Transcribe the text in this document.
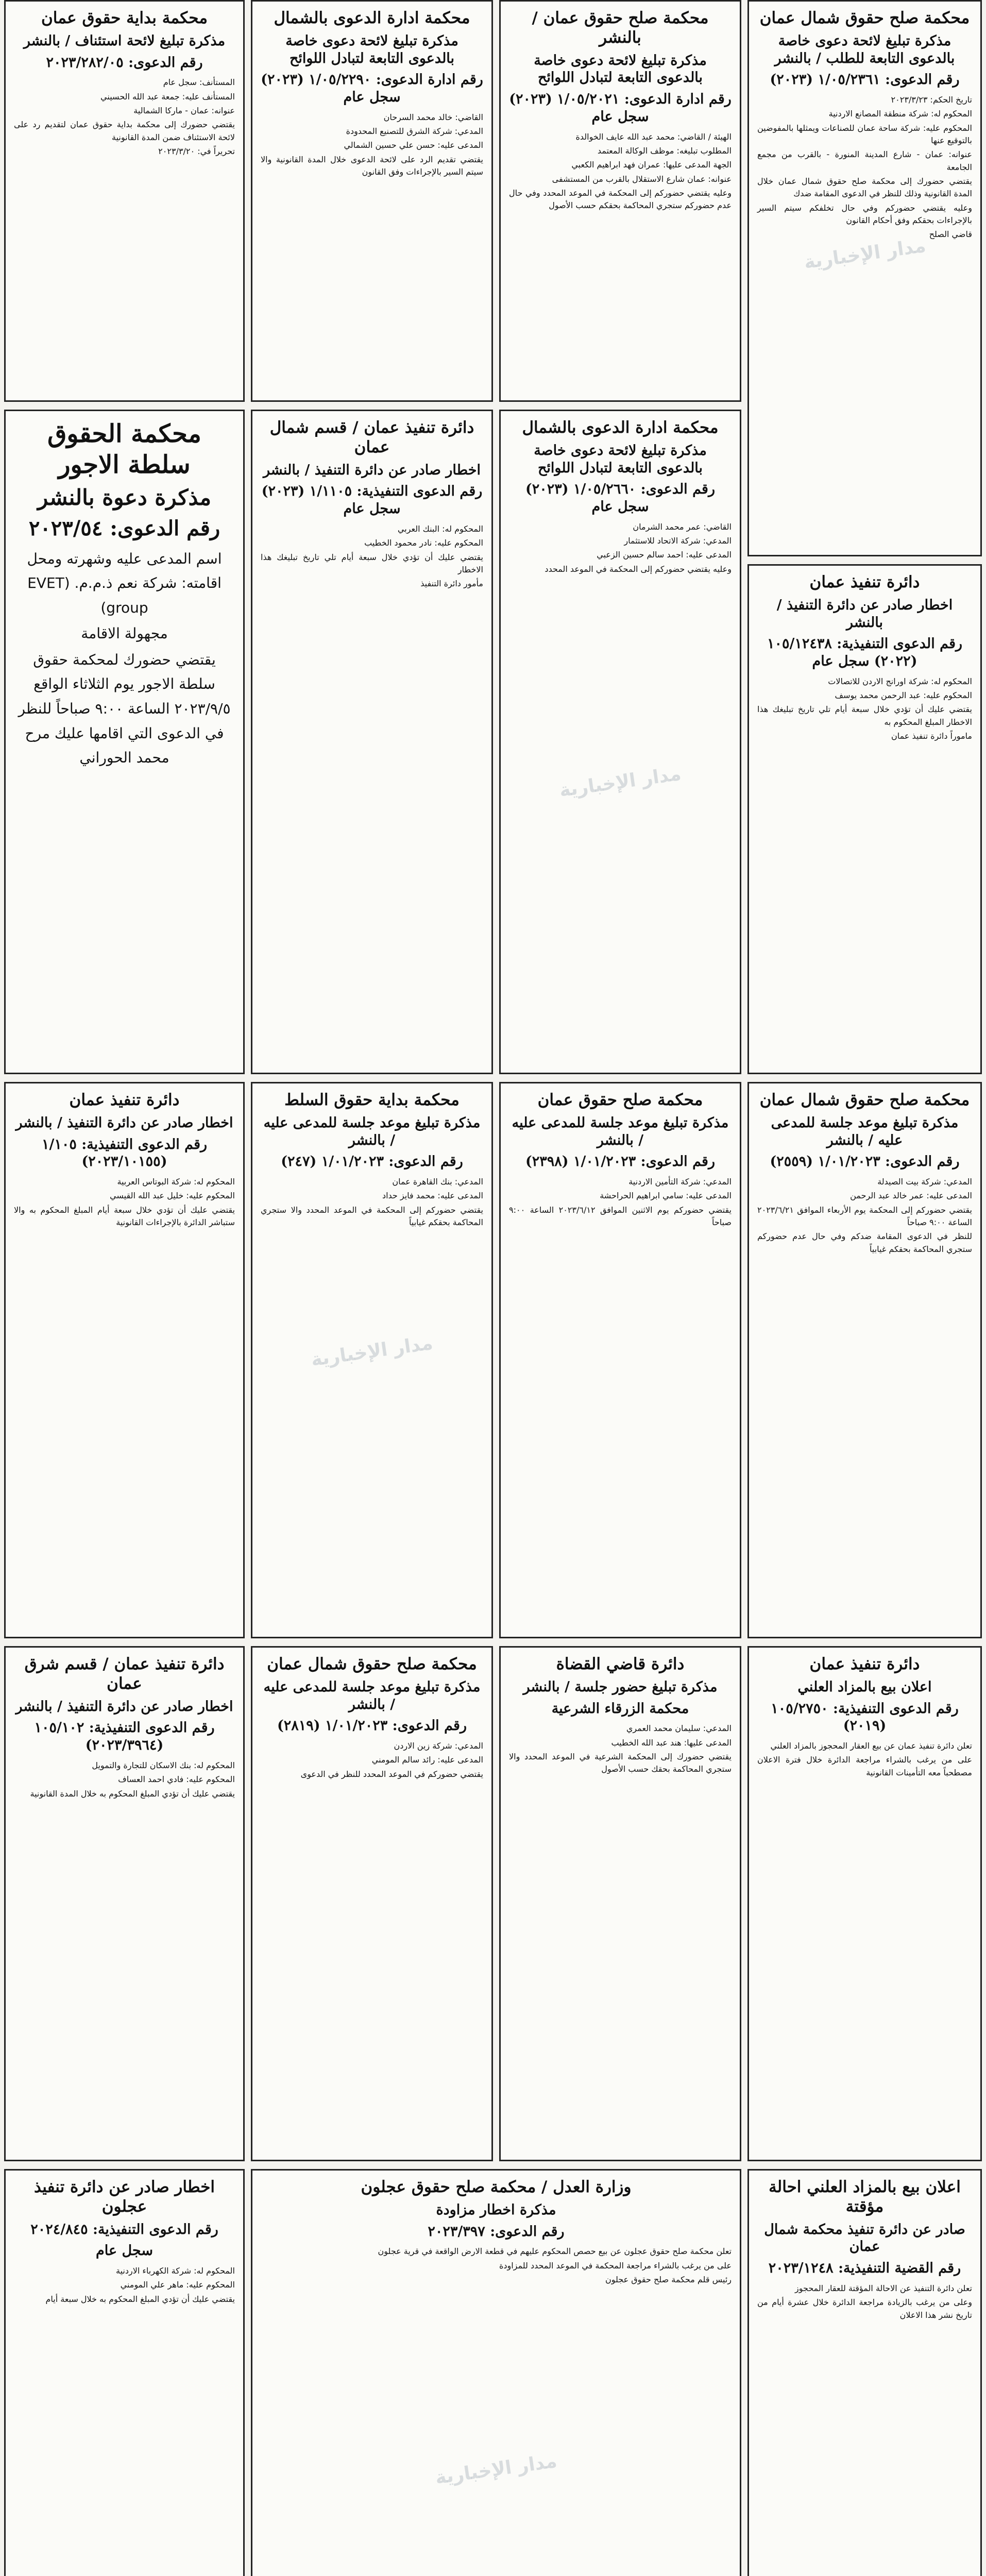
محكمة صلح حقوق شمال عمان
مذكرة تبليغ لائحة دعوى خاصة بالدعوى التابعة للطلب / بالنشر
رقم الدعوى: ١/٠٥/٢٣٦١ (٢٠٢٣)

تاريخ الحكم: ٢٠٢٣/٣/٢٣

المحكوم له: شركة منطقة المصانع الاردنية

المحكوم عليه: شركة ساحة عمان للصناعات ويمثلها بالمفوضين بالتوقيع عنها

عنوانه: عمان - شارع المدينة المنورة - بالقرب من مجمع الجامعة

يقتضي حضورك إلى محكمة صلح حقوق شمال عمان خلال المدة القانونية وذلك للنظر في الدعوى المقامة ضدك

وعليه يقتضي حضوركم وفي حال تخلفكم سيتم السير بالإجراءات بحقكم وفق أحكام القانون

قاضي الصلح

مدار الإخبارية
محكمة صلح حقوق عمان / بالنشر
مذكرة تبليغ لائحة دعوى خاصة بالدعوى التابعة لتبادل اللوائح
رقم ادارة الدعوى: ١/٠٥/٢٠٢١ (٢٠٢٣) سجل عام

الهيئة / القاضي: محمد عبد الله عايف الخوالدة

المطلوب تبليغه: موظف الوكالة المعتمد

الجهة المدعى عليها: عمران فهد ابراهيم الكعبي

عنوانه: عمان شارع الاستقلال بالقرب من المستشفى

وعليه يقتضي حضوركم إلى المحكمة في الموعد المحدد وفي حال عدم حضوركم ستجري المحاكمة بحقكم حسب الأصول

محكمة ادارة الدعوى بالشمال
مذكرة تبليغ لائحة دعوى خاصة بالدعوى التابعة لتبادل اللوائح
رقم ادارة الدعوى: ١/٠٥/٢٢٩٠ (٢٠٢٣) سجل عام

القاضي: خالد محمد السرحان

المدعي: شركة الشرق للتصنيع المحدودة

المدعى عليه: حسن علي حسين الشمالي

يقتضي تقديم الرد على لائحة الدعوى خلال المدة القانونية والا سيتم السير بالإجراءات وفق القانون

محكمة بداية حقوق عمان
مذكرة تبليغ لائحة استئناف / بالنشر
رقم الدعوى: ٢٠٢٣/٢٨٢/٠٥

المستأنف: سجل عام

المستأنف عليه: جمعة عبد الله الحسيني

عنوانه: عمان - ماركا الشمالية

يقتضي حضورك إلى محكمة بداية حقوق عمان لتقديم رد على لائحة الاستئناف ضمن المدة القانونية

تحريراً في: ٢٠٢٣/٣/٢٠

دائرة تنفيذ عمان
اخطار صادر عن دائرة التنفيذ / بالنشر
رقم الدعوى التنفيذية: ١٠٥/١٢٤٣٨ (٢٠٢٢) سجل عام

المحكوم له: شركة اورانج الاردن للاتصالات

المحكوم عليه: عبد الرحمن محمد يوسف

يقتضي عليك أن تؤدي خلال سبعة أيام تلي تاريخ تبليغك هذا الاخطار المبلغ المحكوم به

ماموراً دائرة تنفيذ عمان

محكمة ادارة الدعوى بالشمال
مذكرة تبليغ لائحة دعوى خاصة بالدعوى التابعة لتبادل اللوائح
رقم الدعوى: ١/٠٥/٢٦٦٠ (٢٠٢٣) سجل عام

القاضي: عمر محمد الشرمان

المدعي: شركة الاتحاد للاستثمار

المدعى عليه: احمد سالم حسين الزعبي

وعليه يقتضي حضوركم إلى المحكمة في الموعد المحدد

مدار الإخبارية
دائرة تنفيذ عمان / قسم شمال عمان
اخطار صادر عن دائرة التنفيذ / بالنشر
رقم الدعوى التنفيذية: ١/١١٠٥ (٢٠٢٣) سجل عام

المحكوم له: البنك العربي

المحكوم عليه: نادر محمود الخطيب

يقتضي عليك أن تؤدي خلال سبعة أيام تلي تاريخ تبليغك هذا الاخطار

مأمور دائرة التنفيذ

محكمة الحقوق سلطة الاجور
مذكرة دعوة بالنشر
رقم الدعوى: ٢٠٢٣/٥٤

اسم المدعى عليه وشهرته ومحل اقامته: شركة نعم ذ.م.م. (EVET group)

مجهولة الاقامة

يقتضي حضورك لمحكمة حقوق سلطة الاجور يوم الثلاثاء الواقع ٢٠٢٣/٩/٥ الساعة ٩:٠٠ صباحاً للنظر في الدعوى التي اقامها عليك مرح محمد الحوراني

محكمة صلح حقوق شمال عمان
مذكرة تبليغ موعد جلسة للمدعى عليه / بالنشر
رقم الدعوى: ١/٠١/٢٠٢٣ (٢٥٥٩)

المدعي: شركة بيت الصيدلة

المدعى عليه: عمر خالد عبد الرحمن

يقتضي حضوركم إلى المحكمة يوم الأربعاء الموافق ٢٠٢٣/٦/٢١ الساعة ٩:٠٠ صباحاً

للنظر في الدعوى المقامة ضدكم وفي حال عدم حضوركم ستجري المحاكمة بحقكم غيابياً

محكمة صلح حقوق عمان
مذكرة تبليغ موعد جلسة للمدعى عليه / بالنشر
رقم الدعوى: ١/٠١/٢٠٢٣ (٢٣٩٨)

المدعي: شركة التأمين الاردنية

المدعى عليه: سامي ابراهيم الحراحشة

يقتضي حضوركم يوم الاثنين الموافق ٢٠٢٣/٦/١٢ الساعة ٩:٠٠ صباحاً

محكمة بداية حقوق السلط
مذكرة تبليغ موعد جلسة للمدعى عليه / بالنشر
رقم الدعوى: ١/٠١/٢٠٢٣ (٢٤٧)

المدعي: بنك القاهرة عمان

المدعى عليه: محمد فايز حداد

يقتضي حضوركم إلى المحكمة في الموعد المحدد والا ستجري المحاكمة بحقكم غيابياً

مدار الإخبارية
دائرة تنفيذ عمان
اخطار صادر عن دائرة التنفيذ / بالنشر
رقم الدعوى التنفيذية: ١/١٠٥ (٢٠٢٣/١٠١٥٥)

المحكوم له: شركة البوتاس العربية

المحكوم عليه: خليل عبد الله القيسي

يقتضي عليك أن تؤدي خلال سبعة أيام المبلغ المحكوم به والا ستباشر الدائرة بالإجراءات القانونية

دائرة تنفيذ عمان
اعلان بيع بالمزاد العلني
رقم الدعوى التنفيذية: ١٠٥/٢٧٥٠ (٢٠١٩)

تعلن دائرة تنفيذ عمان عن بيع العقار المحجوز بالمزاد العلني

على من يرغب بالشراء مراجعة الدائرة خلال فترة الاعلان مصطحباً معه التأمينات القانونية

دائرة قاضي القضاة
مذكرة تبليغ حضور جلسة / بالنشر
محكمة الزرقاء الشرعية

المدعي: سليمان محمد العمري

المدعى عليها: هند عبد الله الخطيب

يقتضي حضورك إلى المحكمة الشرعية في الموعد المحدد والا ستجري المحاكمة بحقك حسب الأصول

محكمة صلح حقوق شمال عمان
مذكرة تبليغ موعد جلسة للمدعى عليه / بالنشر
رقم الدعوى: ١/٠١/٢٠٢٣ (٢٨١٩)

المدعي: شركة زين الاردن

المدعى عليه: رائد سالم المومني

يقتضي حضوركم في الموعد المحدد للنظر في الدعوى

دائرة تنفيذ عمان / قسم شرق عمان
اخطار صادر عن دائرة التنفيذ / بالنشر
رقم الدعوى التنفيذية: ١٠٥/١٠٢ (٢٠٢٣/٣٩٦٤)

المحكوم له: بنك الاسكان للتجارة والتمويل

المحكوم عليه: فادي احمد العساف

يقتضي عليك أن تؤدي المبلغ المحكوم به خلال المدة القانونية

اعلان بيع بالمزاد العلني احالة مؤقتة
صادر عن دائرة تنفيذ محكمة شمال عمان
رقم القضية التنفيذية: ٢٠٢٣/١٢٤٨

تعلن دائرة التنفيذ عن الاحالة المؤقتة للعقار المحجوز

وعلى من يرغب بالزيادة مراجعة الدائرة خلال عشرة أيام من تاريخ نشر هذا الاعلان

وزارة العدل / محكمة صلح حقوق عجلون
مذكرة اخطار مزاودة
رقم الدعوى: ٢٠٢٣/٣٩٧

تعلن محكمة صلح حقوق عجلون عن بيع حصص المحكوم عليهم في قطعة الارض الواقعة في قرية عجلون

على من يرغب بالشراء مراجعة المحكمة في الموعد المحدد للمزاودة

رئيس قلم محكمة صلح حقوق عجلون

مدار الإخبارية
اخطار صادر عن دائرة تنفيذ عجلون
رقم الدعوى التنفيذية: ٢٠٢٤/٨٤٥
سجل عام

المحكوم له: شركة الكهرباء الاردنية

المحكوم عليه: ماهر علي المومني

يقتضي عليك أن تؤدي المبلغ المحكوم به خلال سبعة أيام
